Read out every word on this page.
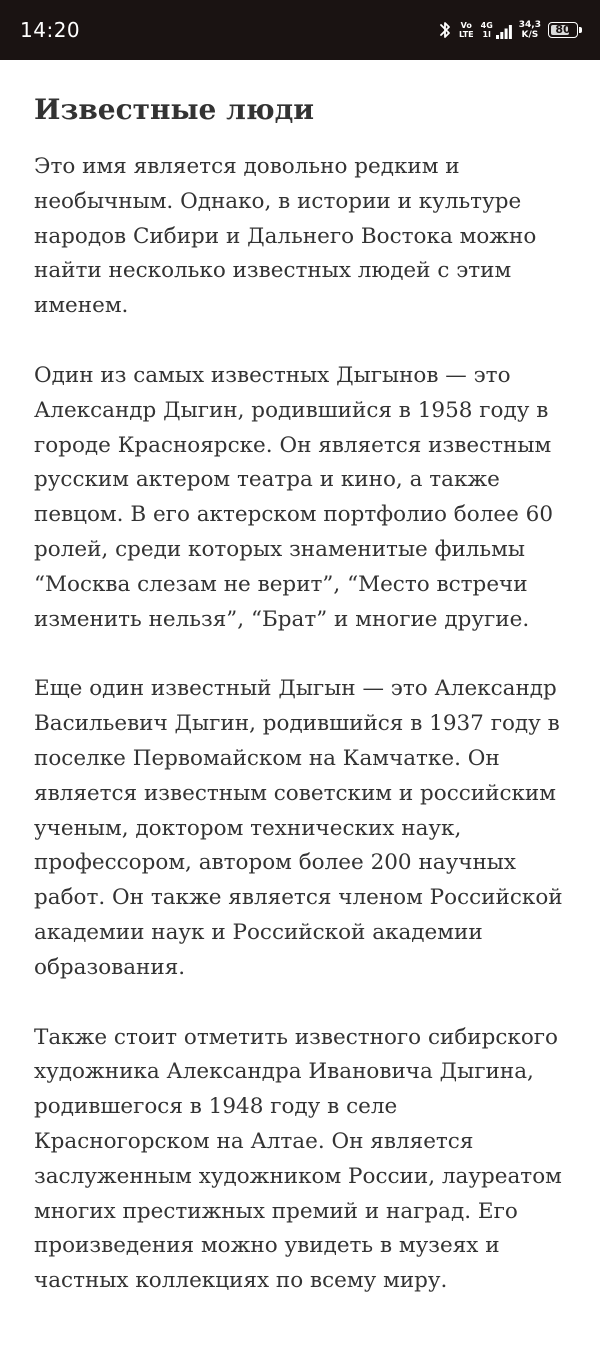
14:20	Vo
LTE
4G
1l
34,3
K/S 80
Известные люди

Это имя является довольно редким и необычным. Однако, в истории и культуре народов Сибири и Дальнего Востока можно найти несколько известных людей с этим именем.

Один из самых известных Дыгынов — это Александр Дыгин, родившийся в 1958 году в городе Красноярске. Он является известным русским актером театра и кино, а также певцом. В его актерском портфолио более 60 ролей, среди которых знаменитые фильмы “Москва слезам не верит”, “Место встречи изменить нельзя”, “Брат” и многие другие.

Еще один известный Дыгын — это Александр Васильевич Дыгин, родившийся в 1937 году в поселке Первомайском на Камчатке. Он является известным советским и российским ученым, доктором технических наук, профессором, автором более 200 научных работ. Он также является членом Российской академии наук и Российской академии образования.

Также стоит отметить известного сибирского художника Александра Ивановича Дыгина, родившегося в 1948 году в селе Красногорском на Алтае. Он является заслуженным художником России, лауреатом многих престижных премий и наград. Его произведения можно увидеть в музеях и частных коллекциях по всему миру.
